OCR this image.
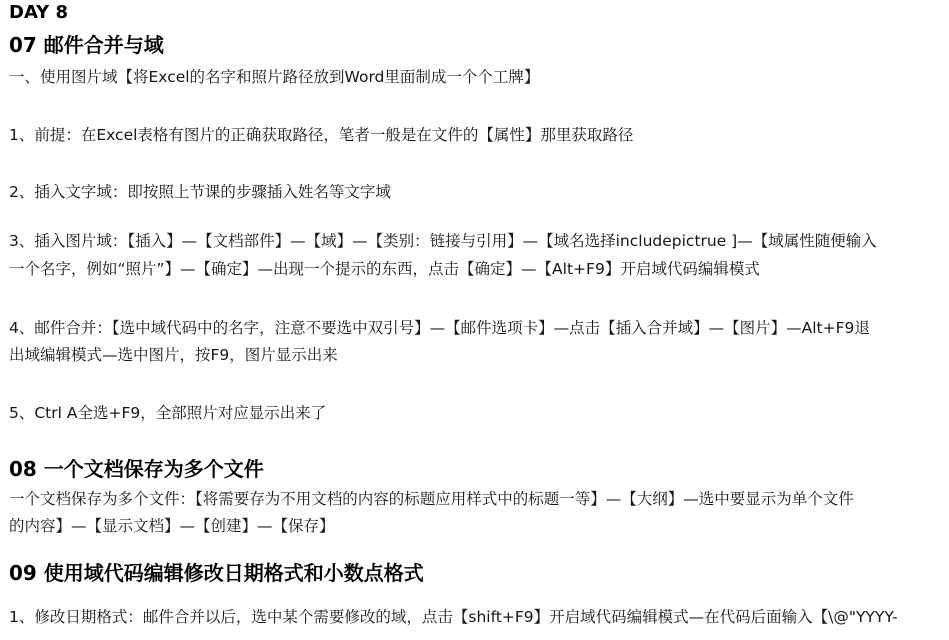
DAY 8
07 邮件合并与域
一、使用图片域【将Excel的名字和照片路径放到Word里面制成一个个工牌】
1、前提：在Excel表格有图片的正确获取路径，笔者一般是在文件的【属性】那里获取路径
2、插入文字域：即按照上节课的步骤插入姓名等文字域
3、插入图片域：【插入】—【文档部件】—【域】—【类别：链接与引用】—【域名选择includepictrue ]—【域属性随便输入
一个名字，例如“照片”】—【确定】—出现一个提示的东西，点击【确定】—【Alt+F9】开启域代码编辑模式
4、邮件合并：【选中域代码中的名字，注意不要选中双引号】—【邮件选项卡】—点击【插入合并域】—【图片】—Alt+F9退
出域编辑模式—选中图片，按F9，图片显示出来
5、Ctrl A全选+F9，全部照片对应显示出来了
08 一个文档保存为多个文件
一个文档保存为多个文件：【将需要存为不用文档的内容的标题应用样式中的标题一等】—【大纲】—选中要显示为单个文件
的内容】—【显示文档】—【创建】—【保存】
09 使用域代码编辑修改日期格式和小数点格式
1、修改日期格式：邮件合并以后，选中某个需要修改的域，点击【shift+F9】开启域代码编辑模式—在代码后面输入【\@"YYYY-
